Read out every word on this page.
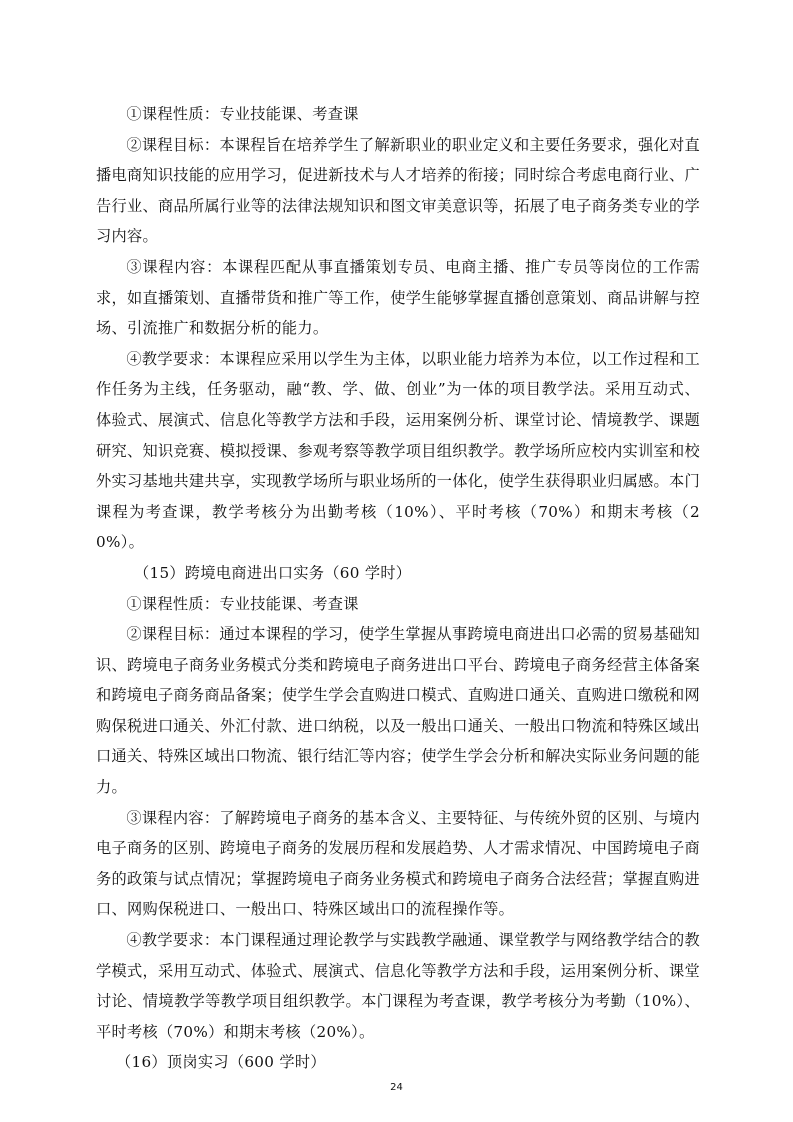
①课程性质：专业技能课、考查课

②课程目标：本课程旨在培养学生了解新职业的职业定义和主要任务要求，强化对直播电商知识技能的应用学习，促进新技术与人才培养的衔接；同时综合考虑电商行业、广告行业、商品所属行业等的法律法规知识和图文审美意识等，拓展了电子商务类专业的学习内容。

③课程内容：本课程匹配从事直播策划专员、电商主播、推广专员等岗位的工作需求，如直播策划、直播带货和推广等工作，使学生能够掌握直播创意策划、商品讲解与控场、引流推广和数据分析的能力。

④教学要求：本课程应采用以学生为主体，以职业能力培养为本位，以工作过程和工作任务为主线，任务驱动，融“教、学、做、创业”为一体的项目教学法。采用互动式、体验式、展演式、信息化等教学方法和手段，运用案例分析、课堂讨论、情境教学、课题研究、知识竞赛、模拟授课、参观考察等教学项目组织教学。教学场所应校内实训室和校外实习基地共建共享，实现教学场所与职业场所的一体化，使学生获得职业归属感。本门课程为考查课，教学考核分为出勤考核（10%）、平时考核（70%）和期末考核（20%）。

（15）跨境电商进出口实务（60 学时）

①课程性质：专业技能课、考查课

②课程目标：通过本课程的学习，使学生掌握从事跨境电商进出口必需的贸易基础知识、跨境电子商务业务模式分类和跨境电子商务进出口平台、跨境电子商务经营主体备案和跨境电子商务商品备案；使学生学会直购进口模式、直购进口通关、直购进口缴税和网购保税进口通关、外汇付款、进口纳税，以及一般出口通关、一般出口物流和特殊区域出口通关、特殊区域出口物流、银行结汇等内容；使学生学会分析和解决实际业务问题的能力。

③课程内容：了解跨境电子商务的基本含义、主要特征、与传统外贸的区别、与境内电子商务的区别、跨境电子商务的发展历程和发展趋势、人才需求情况、中国跨境电子商务的政策与试点情况；掌握跨境电子商务业务模式和跨境电子商务合法经营；掌握直购进口、网购保税进口、一般出口、特殊区域出口的流程操作等。

④教学要求：本门课程通过理论教学与实践教学融通、课堂教学与网络教学结合的教学模式，采用互动式、体验式、展演式、信息化等教学方法和手段，运用案例分析、课堂讨论、情境教学等教学项目组织教学。本门课程为考查课，教学考核分为考勤（10%）、平时考核（70%）和期末考核（20%）。

（16）顶岗实习（600 学时）

24
